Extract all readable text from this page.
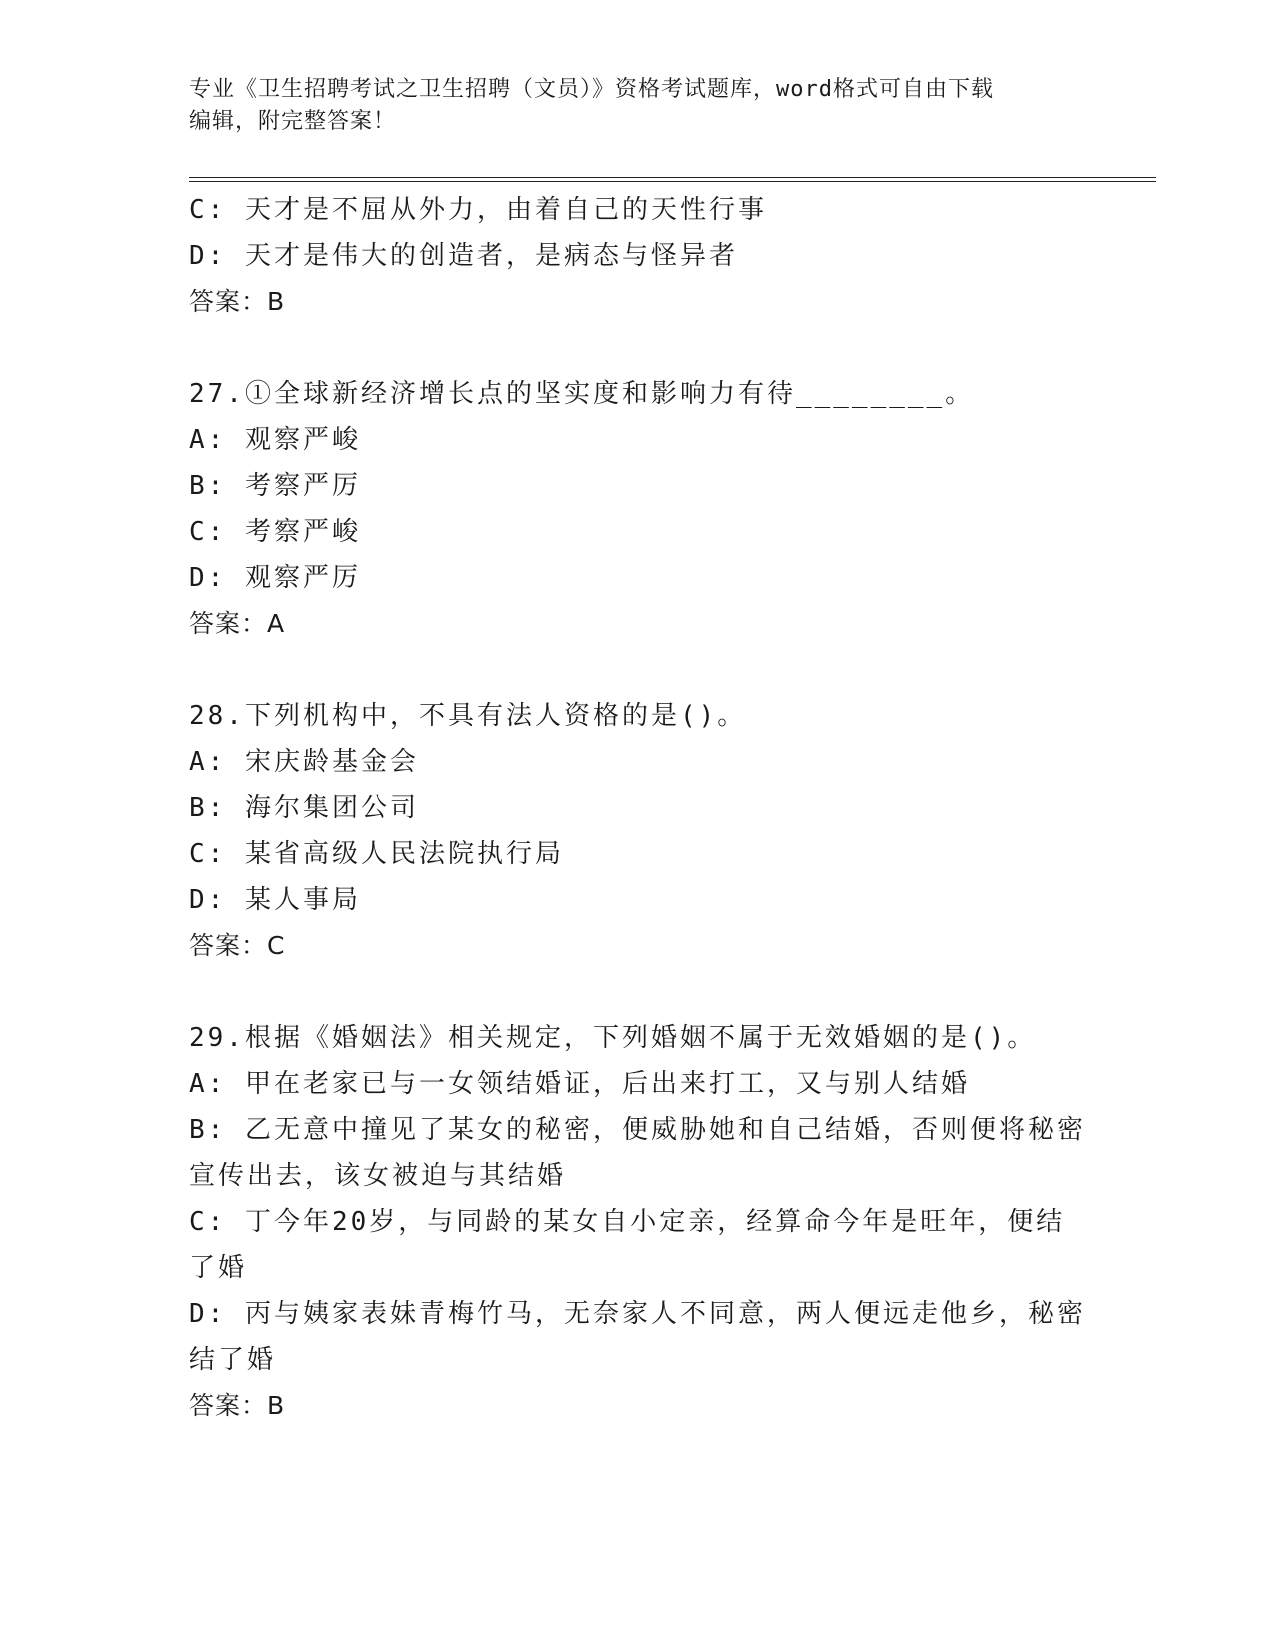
专业《卫生招聘考试之卫生招聘（文员）》资格考试题库，word格式可自由下载
编辑，附完整答案！
C: 天才是不屈从外力，由着自己的天性行事
D: 天才是伟大的创造者，是病态与怪异者
答案：B
27.①全球新经济增长点的坚实度和影响力有待________。
A: 观察严峻
B: 考察严厉
C: 考察严峻
D: 观察严厉
答案：A
28.下列机构中，不具有法人资格的是()。
A: 宋庆龄基金会
B: 海尔集团公司
C: 某省高级人民法院执行局
D: 某人事局
答案：C
29.根据《婚姻法》相关规定，下列婚姻不属于无效婚姻的是()。
A: 甲在老家已与一女领结婚证，后出来打工，又与别人结婚
B: 乙无意中撞见了某女的秘密，便威胁她和自己结婚，否则便将秘密
宣传出去，该女被迫与其结婚
C: 丁今年20岁，与同龄的某女自小定亲，经算命今年是旺年，便结
了婚
D: 丙与姨家表妹青梅竹马，无奈家人不同意，两人便远走他乡，秘密
结了婚
答案：B
